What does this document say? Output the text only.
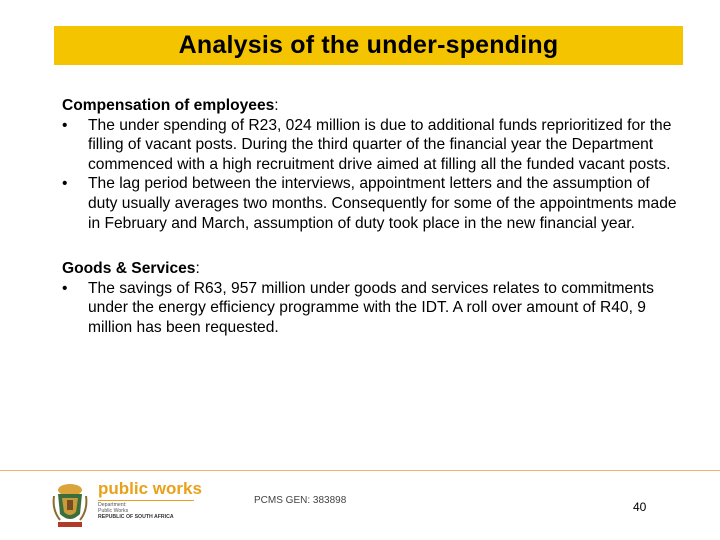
Analysis of the under-spending

Compensation of employees:

• The under spending of R23, 024 million is due to additional funds reprioritized for the filling of vacant posts. During the third quarter of the financial year the Department commenced with a high recruitment drive aimed at filling all the funded vacant posts.
• The lag period between the interviews, appointment letters and the assumption of duty usually averages two months. Consequently for some of the appointments made in February and March, assumption of duty took place in the new financial year.

Goods & Services:

• The savings of R63, 957 million under goods and services relates to commitments under the energy efficiency programme with the IDT. A roll over amount of R40, 9 million has been requested.
public works
Department:
Public Works
REPUBLIC OF SOUTH AFRICA
PCMS GEN: 383898	40
